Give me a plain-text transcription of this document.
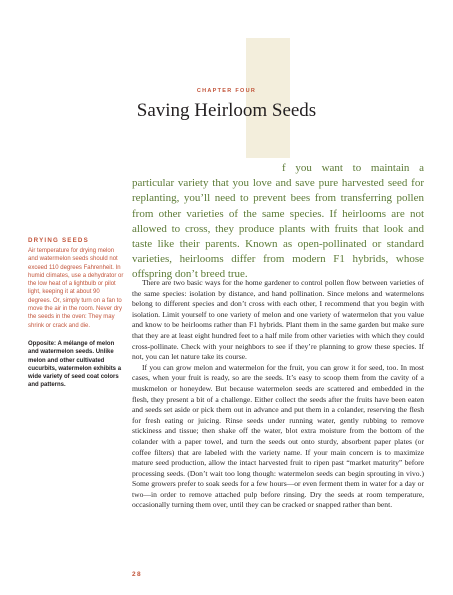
CHAPTER FOUR

Saving Heirloom Seeds

f you want to maintain a particular variety that you love and save pure harvested seed for replanting, you’ll need to prevent bees from transferring pollen from other varieties of the same species. If heirlooms are not allowed to cross, they produce plants with fruits that look and taste like their parents. Known as open-pollinated or standard varieties, heirlooms differ from modern F1 hybrids, whose offspring don’t breed true.

There are two basic ways for the home gardener to control pollen flow between varieties of the same species: isolation by distance, and hand pollination. Since melons and watermelons belong to different species and don’t cross with each other, I recommend that you begin with isolation. Limit yourself to one variety of melon and one variety of watermelon that you value and know to be heirlooms rather than F1 hybrids. Plant them in the same garden but make sure that they are at least eight hundred feet to a half mile from other varieties with which they could cross-pollinate. Check with your neighbors to see if they’re planning to grow these species. If not, you can let nature take its course.

If you can grow melon and watermelon for the fruit, you can grow it for seed, too. In most cases, when your fruit is ready, so are the seeds. It’s easy to scoop them from the cavity of a muskmelon or honeydew. But because watermelon seeds are scattered and embedded in the flesh, they present a bit of a challenge. Either collect the seeds after the fruits have been eaten and seeds set aside or pick them out in advance and put them in a colander, reserving the flesh for fresh eating or juicing. Rinse seeds under running water, gently rubbing to remove stickiness and tissue; then shake off the water, blot extra moisture from the bottom of the colander with a paper towel, and turn the seeds out onto sturdy, absorbent paper plates (or coffee filters) that are labeled with the variety name. If your main concern is to maximize mature seed production, allow the intact harvested fruit to ripen past “market maturity” before processing seeds. (Don’t wait too long though: watermelon seeds can begin sprouting in vivo.) Some growers prefer to soak seeds for a few hours—or even ferment them in water for a day or two—in order to remove attached pulp before rinsing. Dry the seeds at room temperature, occasionally turning them over, until they can be cracked or snapped rather than bent.

DRYING SEEDS

Air temperature for drying melon and watermelon seeds should not exceed 110 degrees Fahrenheit. In humid climates, use a dehydrator or the low heat of a lightbulb or pilot light, keeping it at about 90 degrees. Or, simply turn on a fan to move the air in the room. Never dry the seeds in the oven: They may shrink or crack and die.

Opposite: A mélange of melon and watermelon seeds. Unlike melon and other cultivated cucurbits, watermelon exhibits a wide variety of seed coat colors and patterns.

28
